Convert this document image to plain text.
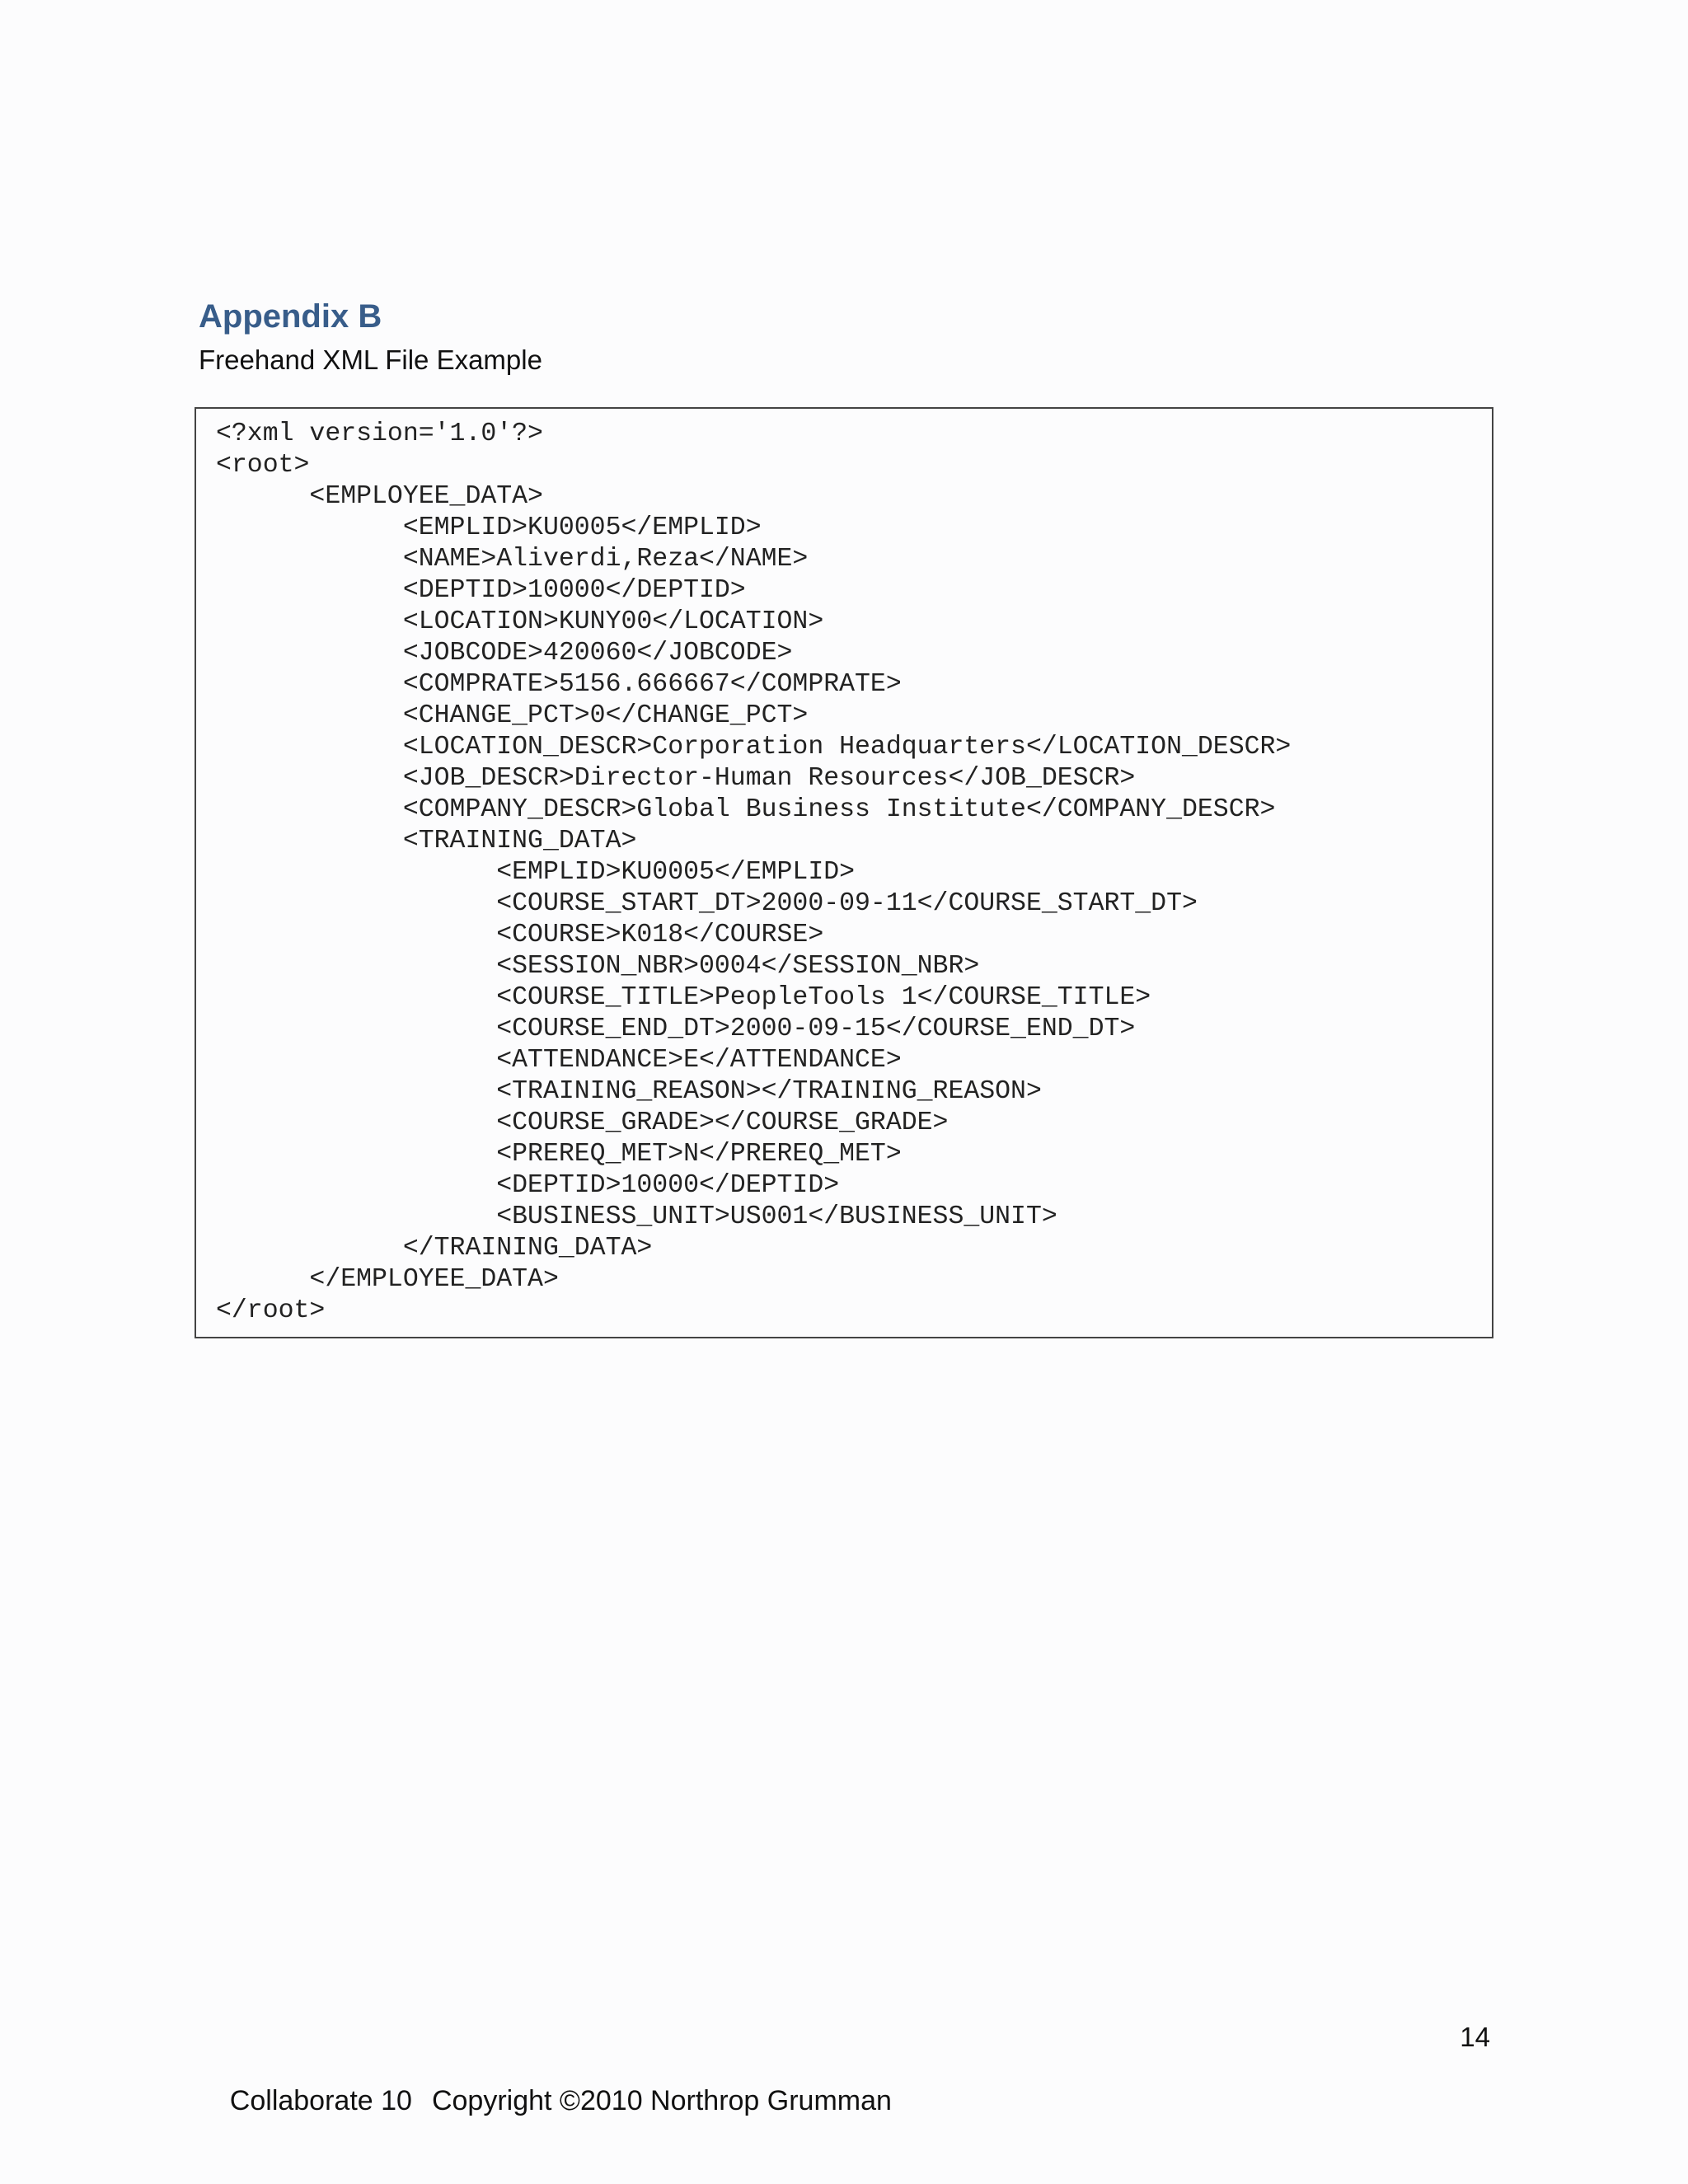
Appendix B
Freehand XML File Example
<?xml version='1.0'?>
<root>
<EMPLOYEE_DATA>
<EMPLID>KU0005</EMPLID>
<NAME>Aliverdi,Reza</NAME>
<DEPTID>10000</DEPTID>
<LOCATION>KUNY00</LOCATION>
<JOBCODE>420060</JOBCODE>
<COMPRATE>5156.666667</COMPRATE>
<CHANGE_PCT>0</CHANGE_PCT>
<LOCATION_DESCR>Corporation Headquarters</LOCATION_DESCR>
<JOB_DESCR>Director-Human Resources</JOB_DESCR>
<COMPANY_DESCR>Global Business Institute</COMPANY_DESCR>
<TRAINING_DATA>
<EMPLID>KU0005</EMPLID>
<COURSE_START_DT>2000-09-11</COURSE_START_DT>
<COURSE>K018</COURSE>
<SESSION_NBR>0004</SESSION_NBR>
<COURSE_TITLE>PeopleTools 1</COURSE_TITLE>
<COURSE_END_DT>2000-09-15</COURSE_END_DT>
<ATTENDANCE>E</ATTENDANCE>
<TRAINING_REASON></TRAINING_REASON>
<COURSE_GRADE></COURSE_GRADE>
<PREREQ_MET>N</PREREQ_MET>
<DEPTID>10000</DEPTID>
<BUSINESS_UNIT>US001</BUSINESS_UNIT>
</TRAINING_DATA>
</EMPLOYEE_DATA>
</root>
14

Collaborate 10 Copyright ©2010 Northrop Grumman
